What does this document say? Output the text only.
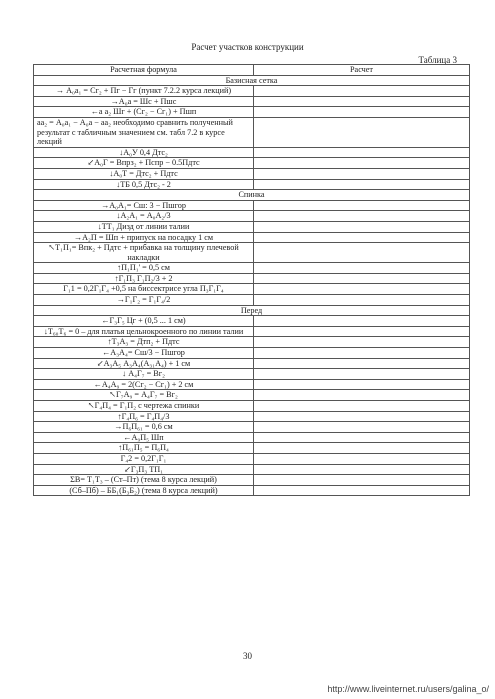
Расчет участков конструкции
Таблица 3
Расчетная формула	Расчет
Базисная сетка	
→ А₀а₁ = Сг₂ + Пг − Гг (пункт 7.2.2 курса лекций)	
→А₀а = Шс + Пшс	
←а а₂ Шг + (Сг₂ − Сг₁) + Пшп	
аа₂ = А₀а₁ − А₀а − аа₂ необходимо сравнить полученный результат с табличным значением см. табл 7.2 в курсе лекций	
↓А₀У 0,4 Дтс₂	
↙А₀Г = Впрз₂ + Пспр − 0.5Пдтс	
↓А₀Т = Дтс₂ + Пдтс	
↓ТБ 0,5 Дтс₂ - 2	
Спинка	
→А₀А₁= Сш: 3 − Пшгор	
↓А₂А₁ = А₀А₂/3	
↓ТТ₁ Дизд от линии талии	
→А₂П = Шп + припуск на посадку 1 см	
↖Т₁П₁= Впк₂ + Пдтс + прибавка на толщину плечевой накладки	
↑П₁П₁' = 0,5 см	
↑Г₁П₃ Г₁П₂/3 + 2	
Г₁1 = 0,2Г₁Г₄ +0,5 на биссектрисе угла П₃Г₁Г₄	
→Г₁Г₂ = Г₁Г₄/2	
Перед	
←Г₃Г₅ Цг + (0,5 ... 1 см)	
↓Т₆₀Т₆ = 0 – для платья цельнокроенного по линии талии	
↑Т₃А₃ = Дтп₂ + Пдтс	
←А₃А₄= Сш/3 − Пшгор	
↙А₃А₅ А₃А₄(А₃₁А₄) + 1 см	
↓ А₄Г₇ = Вг₂	
←А₄А₉ = 2(Сг₂ − Сг₁) + 2 см	
↖Г₇А₉ = А₄Г₇ = Вг₂	
↖Г₄П₄ = Г₁П₂ с чертежа спинки	
↑Г₄П₆ = Г₄П₄/3	
→П₆П₆₁ = 0,6 см	
←А₉П₅ Шп	
↑П₆₁П₅ = П₆П₄	
Г₄2 = 0,2Г₁Г₁	
↙Г₃П₃ ТП₁	
ΣВ= Т₁Т₃ – (Ст–Пт) (тема 8 курса лекций)	
(Сб–Пб) – ББ₁(Б₃Б₂) (тема 8 курса лекций)	
30
http://www.liveinternet.ru/users/galina_o/
